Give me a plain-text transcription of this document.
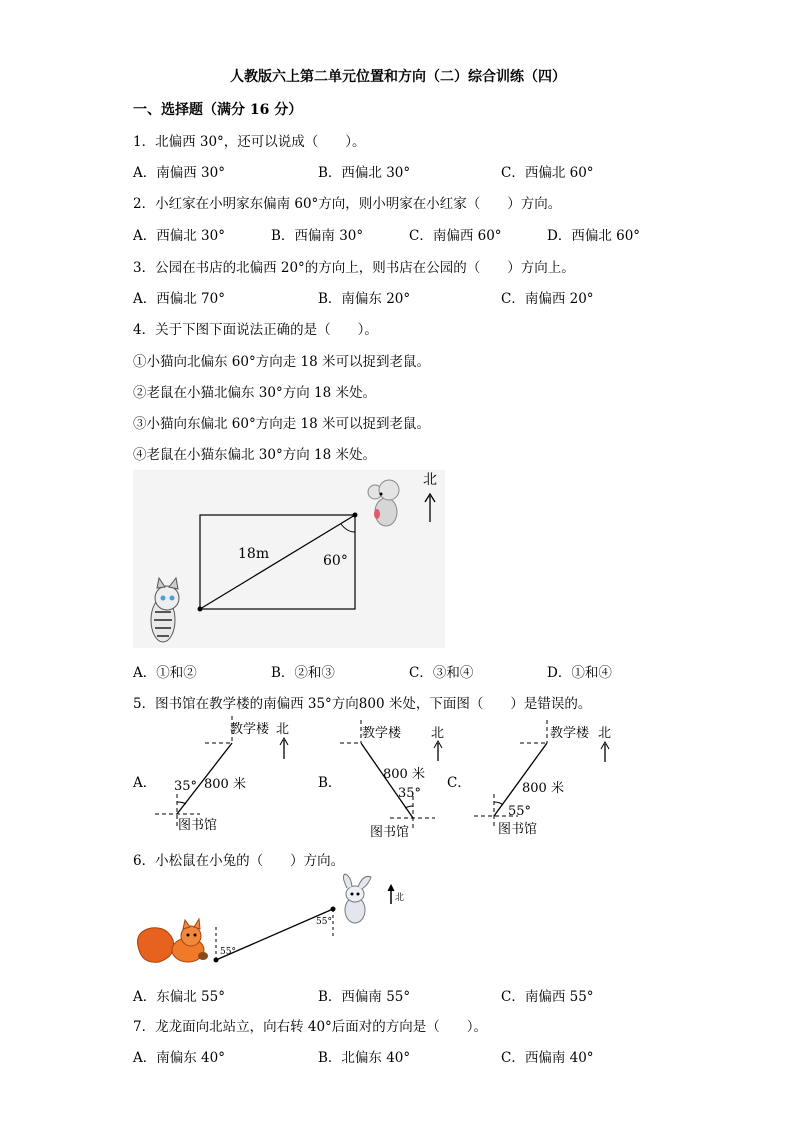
人教版六上第二单元位置和方向（二）综合训练（四）
一、选择题（满分 16 分）
1．北偏西 30°，还可以说成（　　）。
A．南偏西 30°	B．西偏北 30°	C．西偏北 60°
2．小红家在小明家东偏南 60°方向，则小明家在小红家（　　）方向。
A．西偏北 30°	B．西偏南 30°	C．南偏西 60°	D．西偏北 60°
3．公园在书店的北偏西 20°的方向上，则书店在公园的（　　）方向上。
A．西偏北 70°	B．南偏东 20°	C．南偏西 20°
4．关于下图下面说法正确的是（　　）。
①小猫向北偏东 60°方向走 18 米可以捉到老鼠。
②老鼠在小猫北偏东 30°方向 18 米处。
③小猫向东偏北 60°方向走 18 米可以捉到老鼠。
④老鼠在小猫东偏北 30°方向 18 米处。
18m	60°
北
A．①和②	B．②和③	C．③和④	D．①和④
5．图书馆在教学楼的南偏西 35°方向800 米处，下面图（　　）是错误的。
A．
教学楼 北
35° 800 米
图书馆
B．
教学楼 北
800 米
35°
图书馆
C．
教学楼 北
800 米
55°
图书馆
6．小松鼠在小兔的（　　）方向。
55°
55°
北
A．东偏北 55°	B．西偏南 55°	C．南偏西 55°
7．龙龙面向北站立，向右转 40°后面对的方向是（　　）。
A．南偏东 40°	B．北偏东 40°	C．西偏南 40°
